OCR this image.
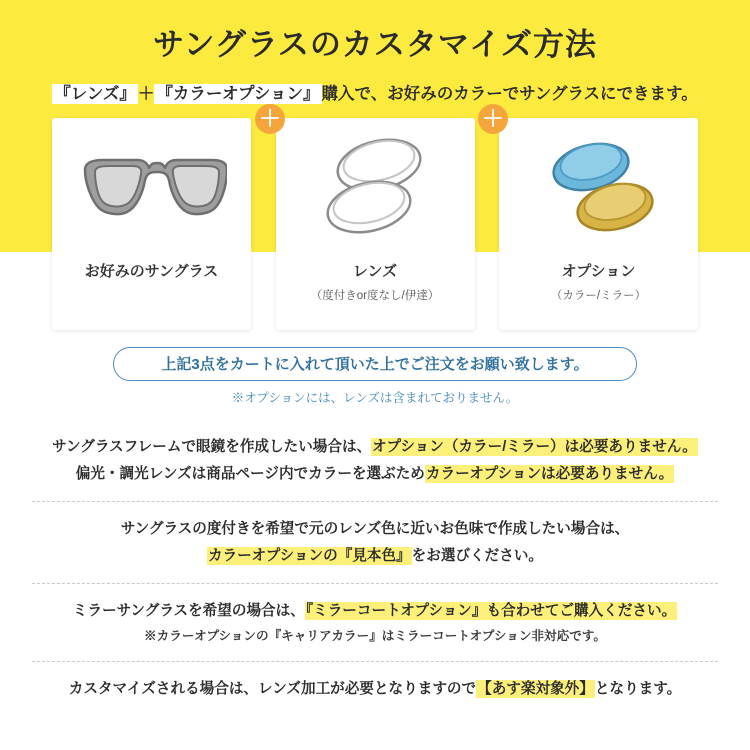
サングラスのカスタマイズ方法
『レンズ』 ＋ 『カラーオプション』 購入で、お好みのカラーでサングラスにできます。
お好みのサングラス	レンズ
（度付きor度なし/伊達）
オプション
（カラー/ミラー）
＋	＋
上記3点をカートに入れて頂いた上でご注文をお願い致します。
※オプションには、レンズは含まれておりません。
サングラスフレームで眼鏡を作成したい場合は、オプション（カラー/ミラー）は必要ありません。
偏光・調光レンズは商品ページ内でカラーを選ぶためカラーオプションは必要ありません。
サングラスの度付きを希望で元のレンズ色に近いお色味で作成したい場合は、
カラーオプションの『見本色』をお選びください。
ミラーサングラスを希望の場合は、『ミラーコートオプション』も合わせてご購入ください。
※カラーオプションの『キャリアカラー』はミラーコートオプション非対応です。
カスタマイズされる場合は、レンズ加工が必要となりますので【あす楽対象外】となります。
